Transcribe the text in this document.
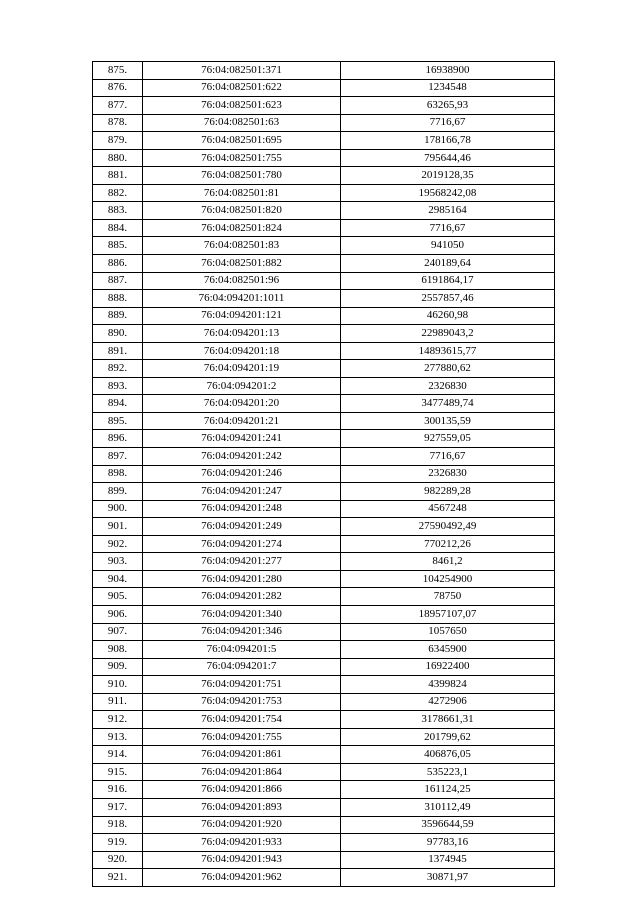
875.	76:04:082501:371	16938900
876.	76:04:082501:622	1234548
877.	76:04:082501:623	63265,93
878.	76:04:082501:63	7716,67
879.	76:04:082501:695	178166,78
880.	76:04:082501:755	795644,46
881.	76:04:082501:780	2019128,35
882.	76:04:082501:81	19568242,08
883.	76:04:082501:820	2985164
884.	76:04:082501:824	7716,67
885.	76:04:082501:83	941050
886.	76:04:082501:882	240189,64
887.	76:04:082501:96	6191864,17
888.	76:04:094201:1011	2557857,46
889.	76:04:094201:121	46260,98
890.	76:04:094201:13	22989043,2
891.	76:04:094201:18	14893615,77
892.	76:04:094201:19	277880,62
893.	76:04:094201:2	2326830
894.	76:04:094201:20	3477489,74
895.	76:04:094201:21	300135,59
896.	76:04:094201:241	927559,05
897.	76:04:094201:242	7716,67
898.	76:04:094201:246	2326830
899.	76:04:094201:247	982289,28
900.	76:04:094201:248	4567248
901.	76:04:094201:249	27590492,49
902.	76:04:094201:274	770212,26
903.	76:04:094201:277	8461,2
904.	76:04:094201:280	104254900
905.	76:04:094201:282	78750
906.	76:04:094201:340	18957107,07
907.	76:04:094201:346	1057650
908.	76:04:094201:5	6345900
909.	76:04:094201:7	16922400
910.	76:04:094201:751	4399824
911.	76:04:094201:753	4272906
912.	76:04:094201:754	3178661,31
913.	76:04:094201:755	201799,62
914.	76:04:094201:861	406876,05
915.	76:04:094201:864	535223,1
916.	76:04:094201:866	161124,25
917.	76:04:094201:893	310112,49
918.	76:04:094201:920	3596644,59
919.	76:04:094201:933	97783,16
920.	76:04:094201:943	1374945
921.	76:04:094201:962	30871,97
